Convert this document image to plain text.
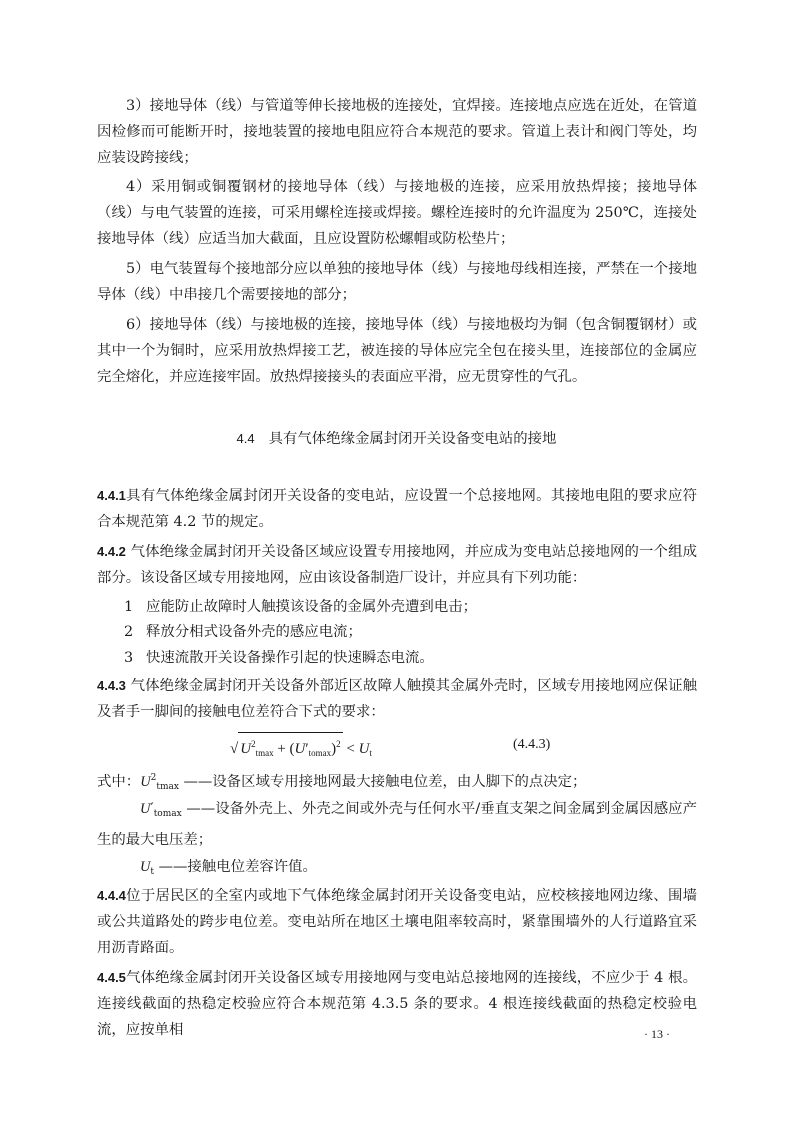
3）接地导体（线）与管道等伸长接地极的连接处，宜焊接。连接地点应选在近处，在管道因检修而可能断开时，接地装置的接地电阻应符合本规范的要求。管道上表计和阀门等处，均应装设跨接线；

4）采用铜或铜覆钢材的接地导体（线）与接地极的连接，应采用放热焊接；接地导体（线）与电气装置的连接，可采用螺栓连接或焊接。螺栓连接时的允许温度为 250℃，连接处接地导体（线）应适当加大截面，且应设置防松螺帽或防松垫片；

5）电气装置每个接地部分应以单独的接地导体（线）与接地母线相连接，严禁在一个接地导体（线）中串接几个需要接地的部分；

6）接地导体（线）与接地极的连接，接地导体（线）与接地极均为铜（包含铜覆钢材）或其中一个为铜时，应采用放热焊接工艺，被连接的导体应完全包在接头里，连接部位的金属应完全熔化，并应连接牢固。放热焊接接头的表面应平滑，应无贯穿性的气孔。

4.4 具有气体绝缘金属封闭开关设备变电站的接地

4.4.1具有气体绝缘金属封闭开关设备的变电站，应设置一个总接地网。其接地电阻的要求应符合本规范第 4.2 节的规定。

4.4.2 气体绝缘金属封闭开关设备区域应设置专用接地网，并应成为变电站总接地网的一个组成部分。该设备区域专用接地网，应由该设备制造厂设计，并应具有下列功能：

1 应能防止故障时人触摸该设备的金属外壳遭到电击；

2 释放分相式设备外壳的感应电流；

3 快速流散开关设备操作引起的快速瞬态电流。

4.4.3 气体绝缘金属封闭开关设备外部近区故障人触摸其金属外壳时，区域专用接地网应保证触及者手一脚间的接触电位差符合下式的要求：

√ $U^2_{tmax} + (U'_{tomax})^2 < U_t$
(4.4.3)

式中：$U^2_{tmax}$ ——设备区域专用接地网最大接触电位差，由人脚下的点决定；

$U'_{tomax}$ ——设备外壳上、外壳之间或外壳与任何水平/垂直支架之间金属到金属因感应产生的最大电压差；

$U_t$ ——接触电位差容许值。

4.4.4位于居民区的全室内或地下气体绝缘金属封闭开关设备变电站，应校核接地网边缘、围墙或公共道路处的跨步电位差。变电站所在地区土壤电阻率较高时，紧靠围墙外的人行道路宜采用沥青路面。

4.4.5气体绝缘金属封闭开关设备区域专用接地网与变电站总接地网的连接线，不应少于 4 根。连接线截面的热稳定校验应符合本规范第 4.3.5 条的要求。4 根连接线截面的热稳定校验电流，应按单相	· 13 ·
